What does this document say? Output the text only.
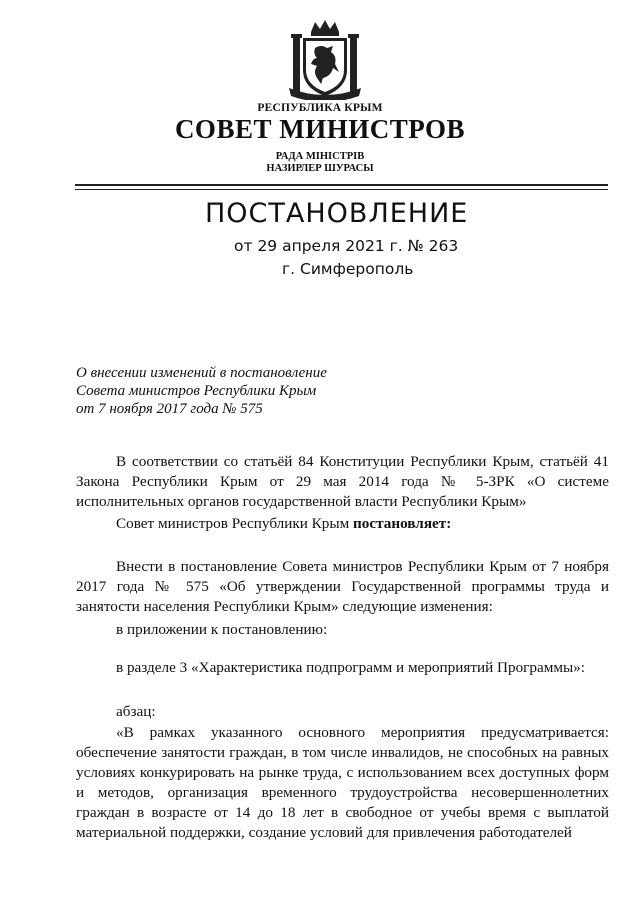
РЕСПУБЛИКА КРЫМ
СОВЕТ МИНИСТРОВ
РАДА МІНІСТРІВ
НАЗИРЛЕР ШУРАСЫ
ПОСТАНОВЛЕНИЕ
от 29 апреля 2021 г. № 263
г. Симферополь
О внесении изменений в постановление
Совета министров Республики Крым
от 7 ноября 2017 года № 575
В соответствии со статьёй 84 Конституции Республики Крым, статьёй 41 Закона Республики Крым от 29 мая 2014 года № 5-ЗРК «О системе исполнительных органов государственной власти Республики Крым»
Совет министров Республики Крым постановляет:
Внести в постановление Совета министров Республики Крым от 7 ноября 2017 года № 575 «Об утверждении Государственной программы труда и занятости населения Республики Крым» следующие изменения:
в приложении к постановлению:
в разделе 3 «Характеристика подпрограмм и мероприятий Программы»:
абзац:
«В рамках указанного основного мероприятия предусматривается: обеспечение занятости граждан, в том числе инвалидов, не способных на равных условиях конкурировать на рынке труда, с использованием всех доступных форм и методов, организация временного трудоустройства несовершеннолетних граждан в возрасте от 14 до 18 лет в свободное от учебы время с выплатой материальной поддержки, создание условий для привлечения работодателей
